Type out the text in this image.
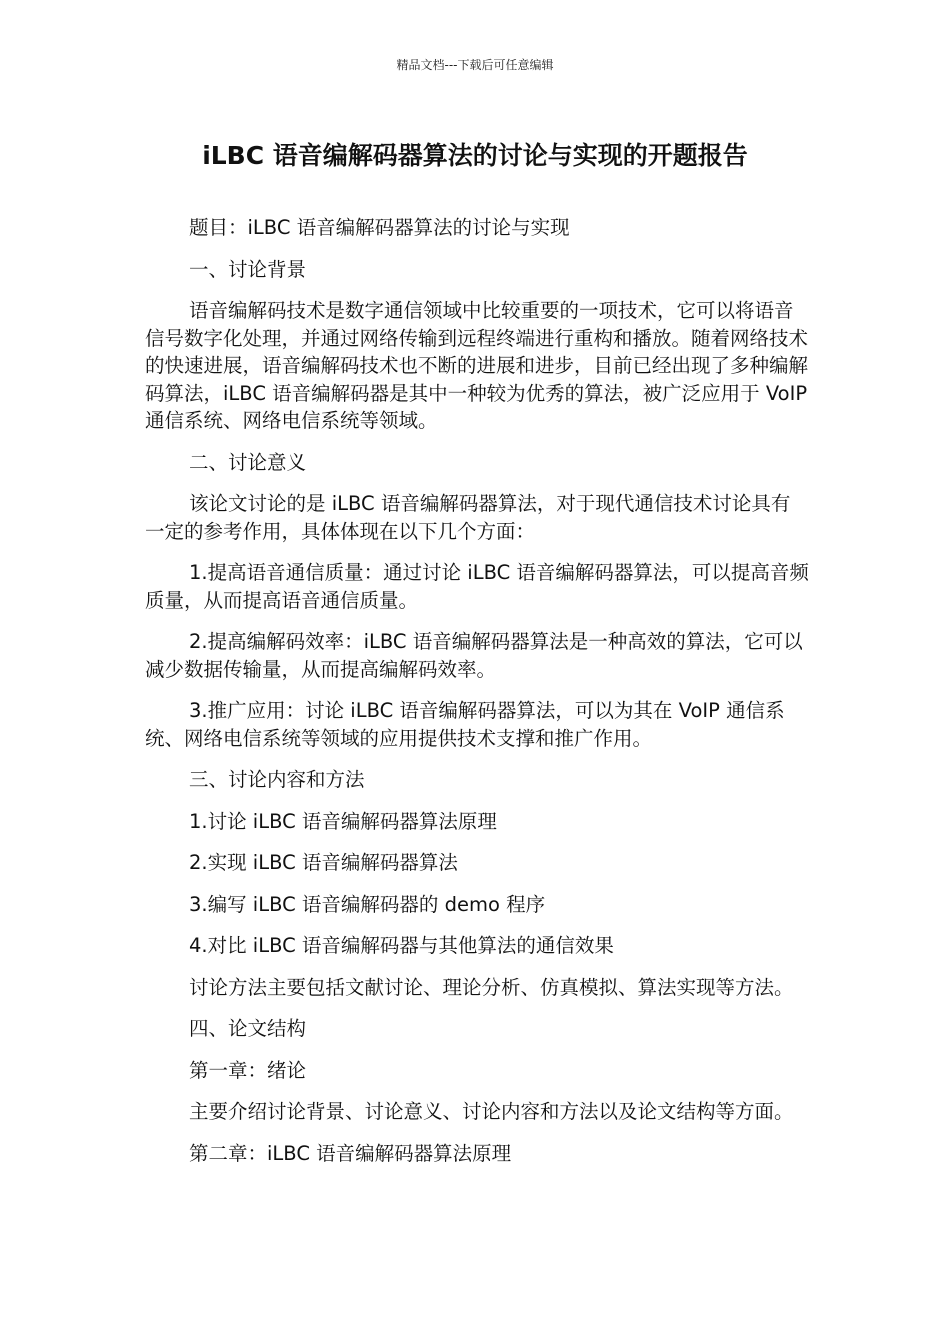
精品文档---下载后可任意编辑
iLBC 语音编解码器算法的讨论与实现的开题报告

题目：iLBC 语音编解码器算法的讨论与实现

一、讨论背景

语音编解码技术是数字通信领域中比较重要的一项技术，它可以将语音信号数字化处理，并通过网络传输到远程终端进行重构和播放。随着网络技术的快速进展，语音编解码技术也不断的进展和进步，目前已经出现了多种编解码算法，iLBC 语音编解码器是其中一种较为优秀的算法，被广泛应用于 VoIP 通信系统、网络电信系统等领域。

二、讨论意义

该论文讨论的是 iLBC 语音编解码器算法，对于现代通信技术讨论具有一定的参考作用，具体体现在以下几个方面：

1.提高语音通信质量：通过讨论 iLBC 语音编解码器算法，可以提高音频质量，从而提高语音通信质量。

2.提高编解码效率：iLBC 语音编解码器算法是一种高效的算法，它可以减少数据传输量，从而提高编解码效率。

3.推广应用：讨论 iLBC 语音编解码器算法，可以为其在 VoIP 通信系统、网络电信系统等领域的应用提供技术支撑和推广作用。

三、讨论内容和方法

1.讨论 iLBC 语音编解码器算法原理

2.实现 iLBC 语音编解码器算法

3.编写 iLBC 语音编解码器的 demo 程序

4.对比 iLBC 语音编解码器与其他算法的通信效果

讨论方法主要包括文献讨论、理论分析、仿真模拟、算法实现等方法。

四、论文结构

第一章：绪论

主要介绍讨论背景、讨论意义、讨论内容和方法以及论文结构等方面。

第二章：iLBC 语音编解码器算法原理
